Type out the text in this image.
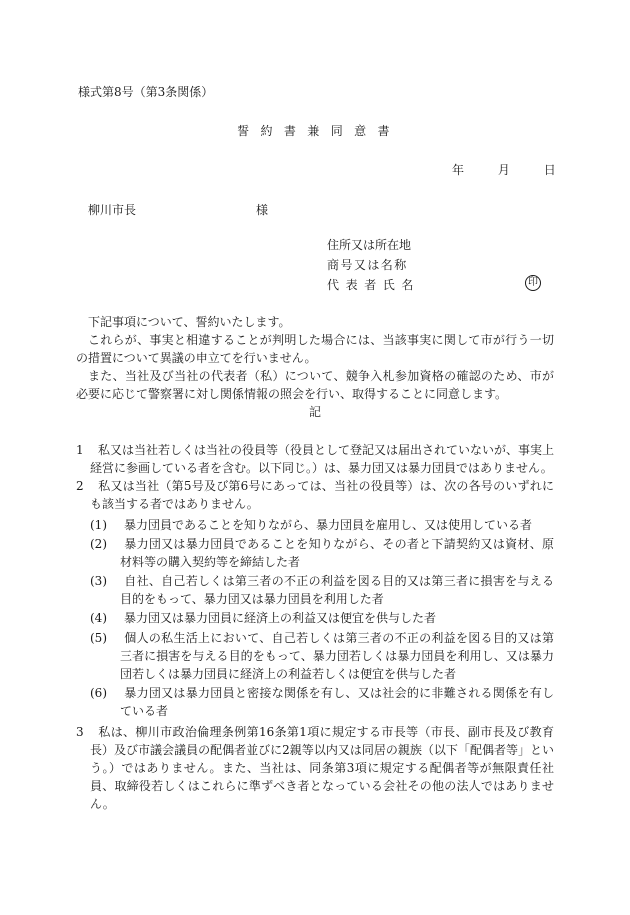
様式第8号（第3条関係）
誓約書兼同意書
年	月	日
柳川市長	様
住所又は所在地
商号又は名称
代表者氏名	印
下記事項について、誓約いたします。
これらが、事実と相違することが判明した場合には、当該事実に関して市が行う一切の措置について異議の申立てを行いません。
また、当社及び当社の代表者（私）について、競争入札参加資格の確認のため、市が必要に応じて警察署に対し関係情報の照会を行い、取得することに同意します。
記
1 私又は当社若しくは当社の役員等（役員として登記又は届出されていないが、事実上経営に参画している者を含む。以下同じ。）は、暴力団又は暴力団員ではありません。
2 私又は当社（第5号及び第6号にあっては、当社の役員等）は、次の各号のいずれにも該当する者ではありません。
(1) 暴力団員であることを知りながら、暴力団員を雇用し、又は使用している者
(2) 暴力団又は暴力団員であることを知りながら、その者と下請契約又は資材、原材料等の購入契約等を締結した者
(3) 自社、自己若しくは第三者の不正の利益を図る目的又は第三者に損害を与える目的をもって、暴力団又は暴力団員を利用した者
(4) 暴力団又は暴力団員に経済上の利益又は便宜を供与した者
(5) 個人の私生活上において、自己若しくは第三者の不正の利益を図る目的又は第三者に損害を与える目的をもって、暴力団若しくは暴力団員を利用し、又は暴力団若しくは暴力団員に経済上の利益若しくは便宜を供与した者
(6) 暴力団又は暴力団員と密接な関係を有し、又は社会的に非難される関係を有している者
3 私は、柳川市政治倫理条例第16条第1項に規定する市長等（市長、副市長及び教育長）及び市議会議員の配偶者並びに2親等以内又は同居の親族（以下「配偶者等」という。）ではありません。また、当社は、同条第3項に規定する配偶者等が無限責任社員、取締役若しくはこれらに準ずべき者となっている会社その他の法人ではありません。
